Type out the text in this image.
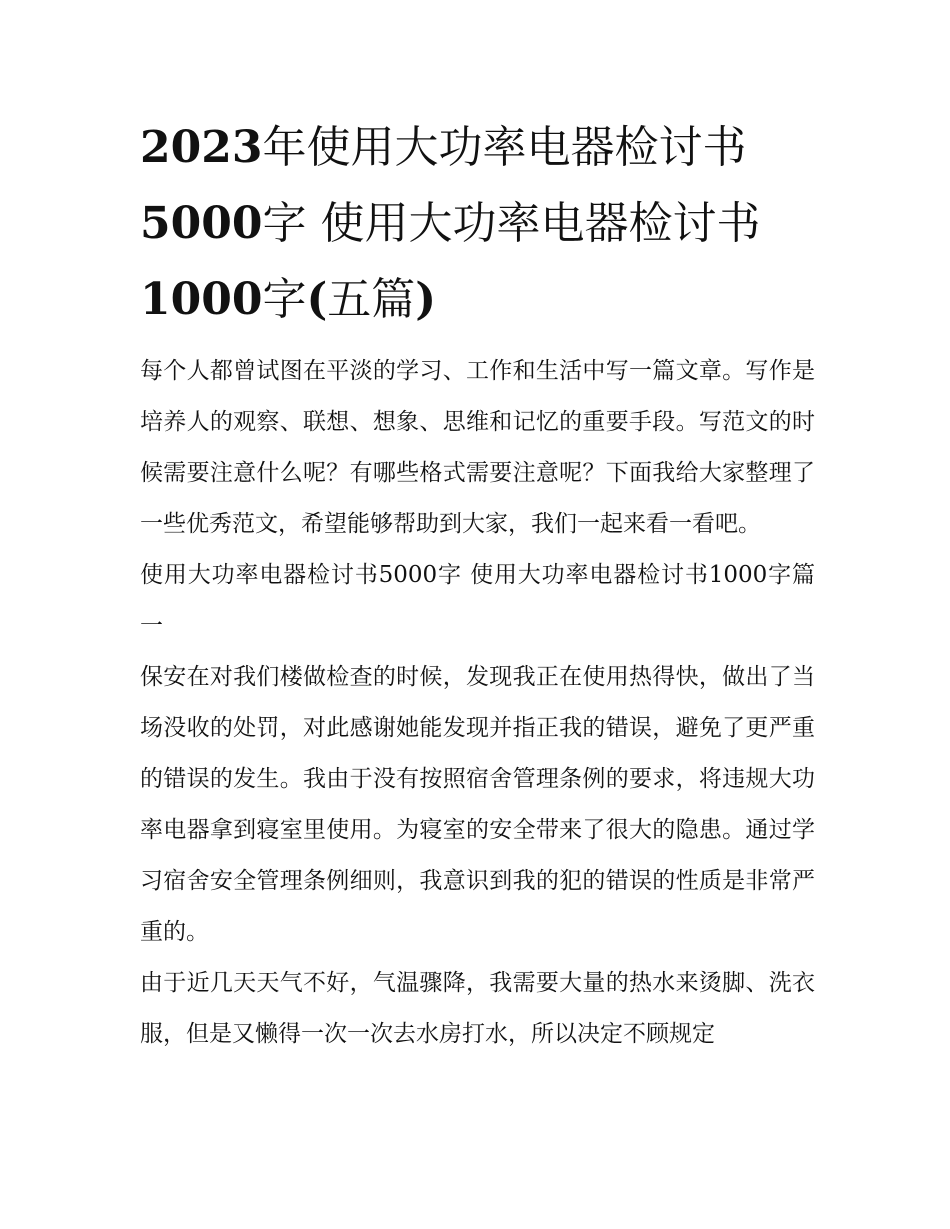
2023年使用大功率电器检讨书5000字 使用大功率电器检讨书1000字(五篇)

每个人都曾试图在平淡的学习、工作和生活中写一篇文章。写作是培养人的观察、联想、想象、思维和记忆的重要手段。写范文的时候需要注意什么呢？有哪些格式需要注意呢？下面我给大家整理了一些优秀范文，希望能够帮助到大家，我们一起来看一看吧。

使用大功率电器检讨书5000字 使用大功率电器检讨书1000字篇一

保安在对我们楼做检查的时候，发现我正在使用热得快，做出了当场没收的处罚，对此感谢她能发现并指正我的错误，避免了更严重的错误的发生。我由于没有按照宿舍管理条例的要求，将违规大功率电器拿到寝室里使用。为寝室的安全带来了很大的隐患。通过学习宿舍安全管理条例细则，我意识到我的犯的错误的性质是非常严重的。

由于近几天天气不好，气温骤降，我需要大量的热水来烫脚、洗衣服，但是又懒得一次一次去水房打水，所以决定不顾规定
